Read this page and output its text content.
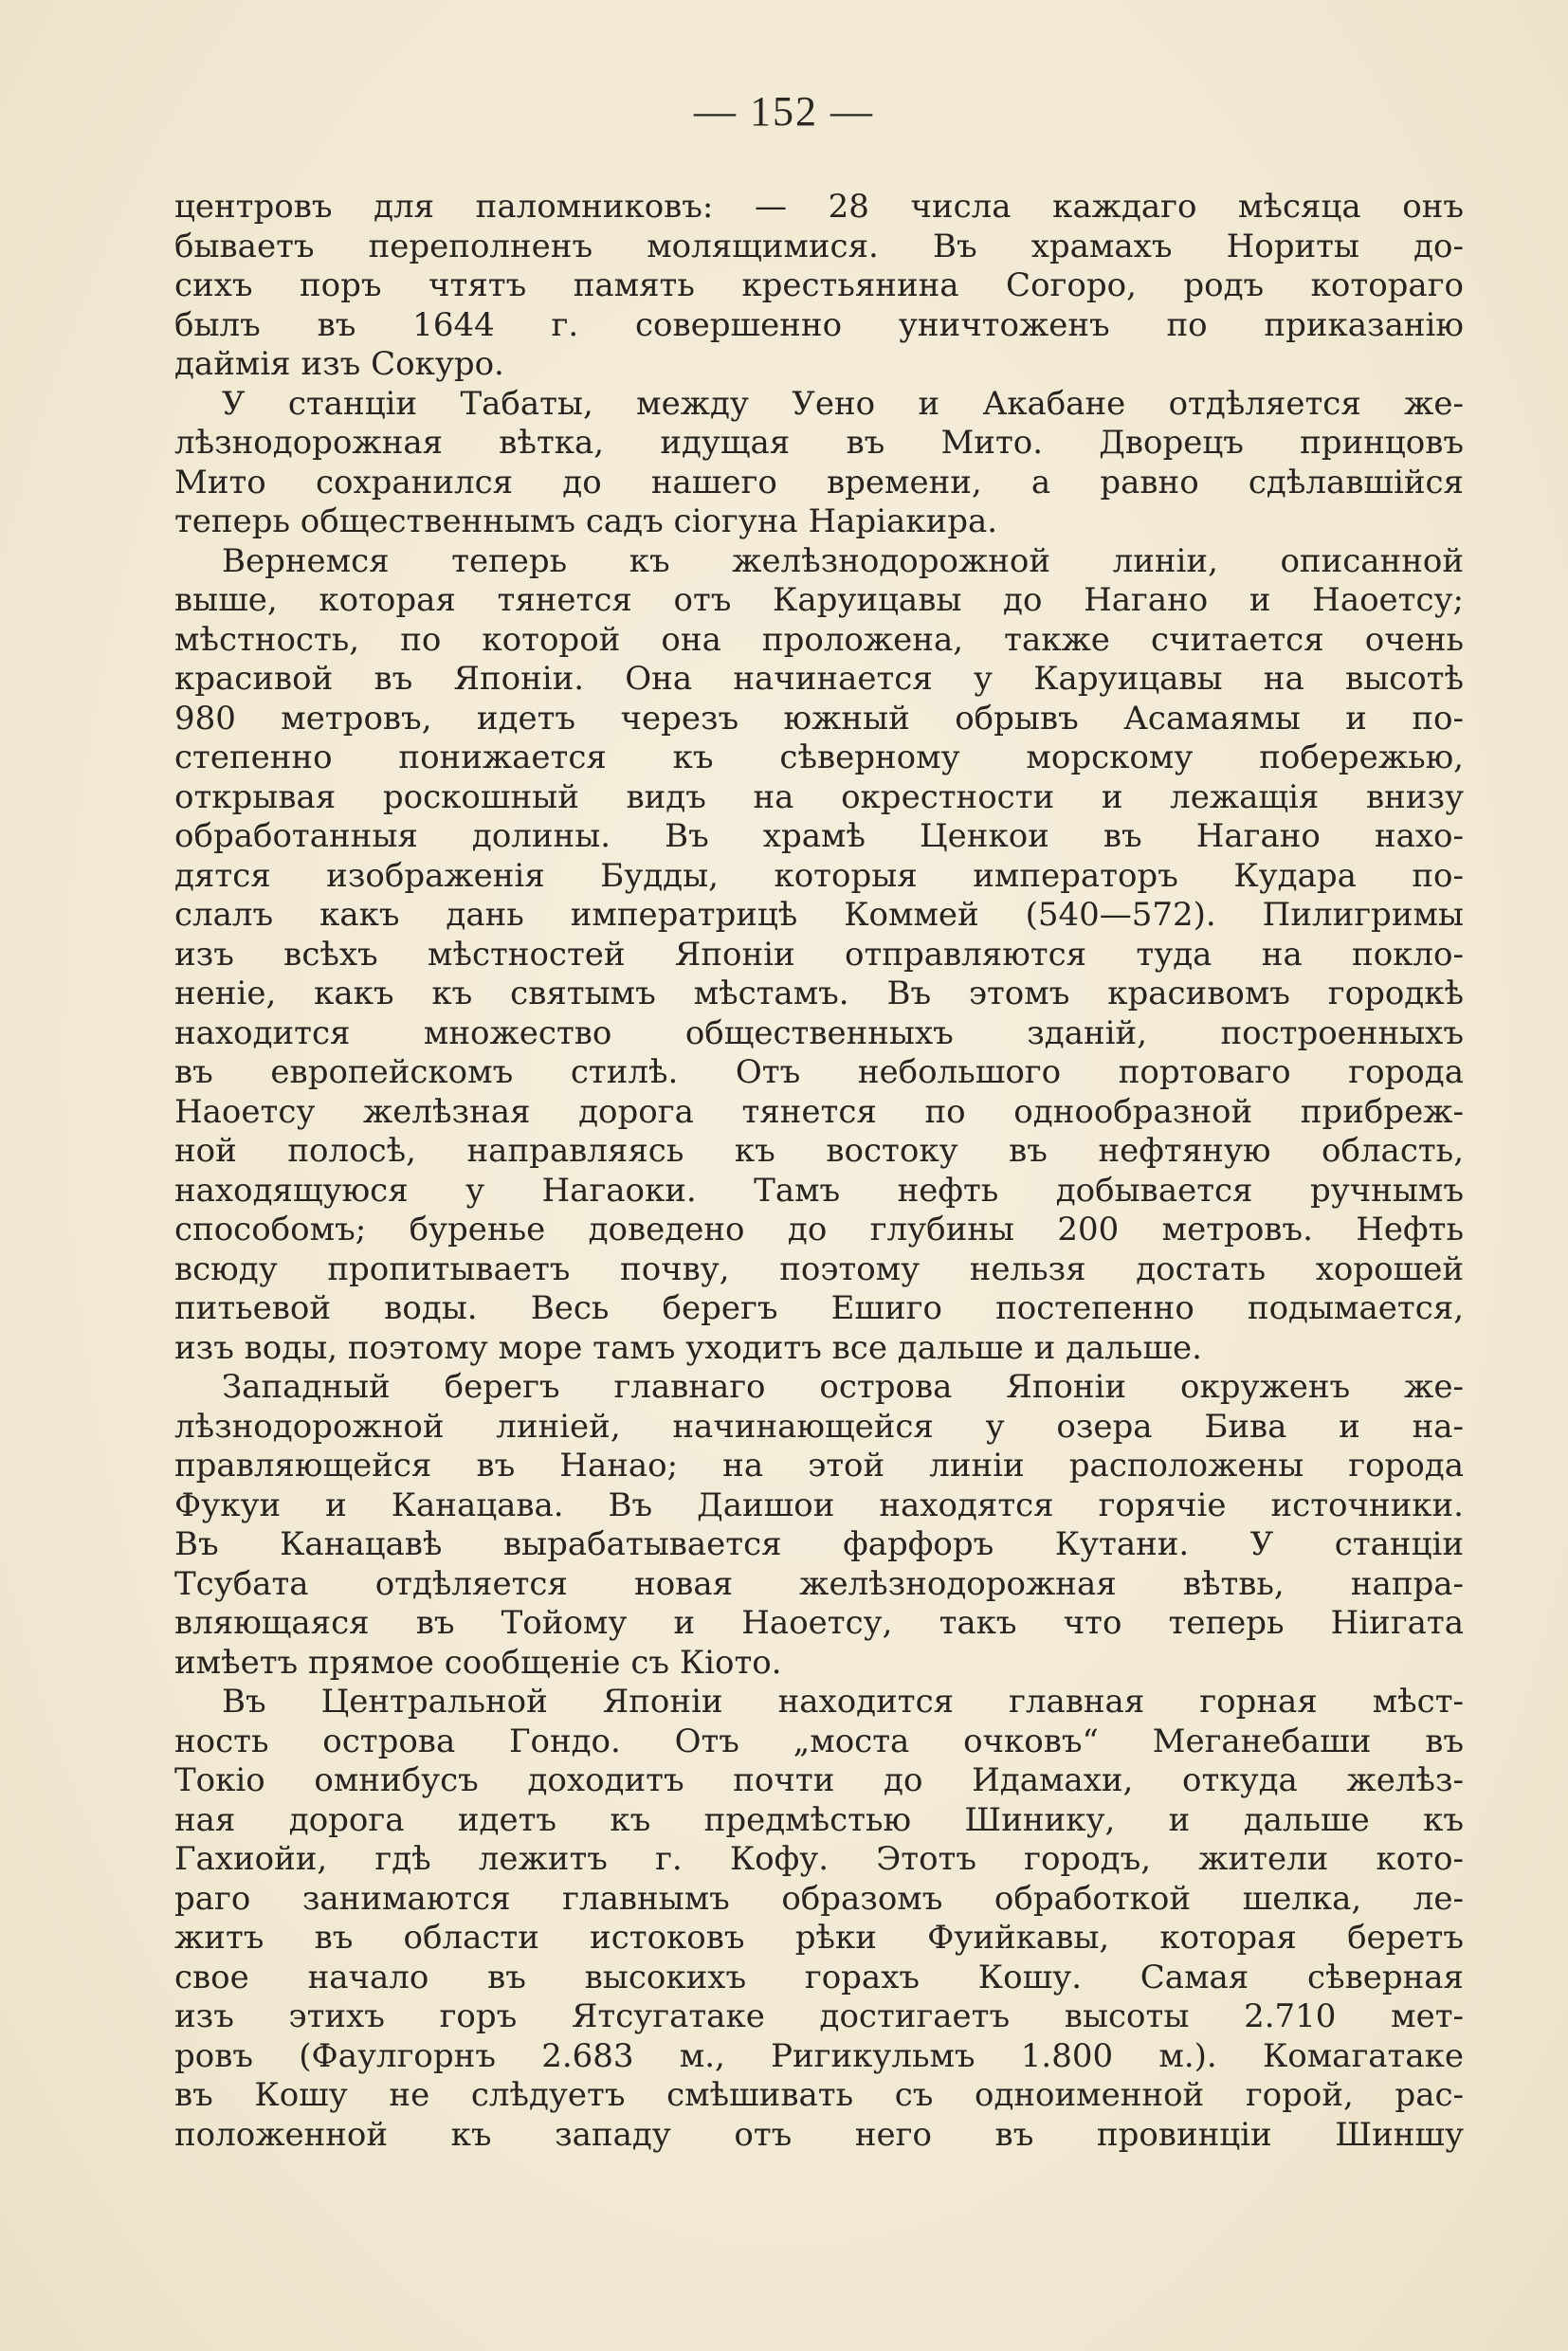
— 152 —
центровъ для паломниковъ: — 28 числа каждаго мѣсяца онъ
бываетъ переполненъ молящимися. Въ храмахъ Нориты до-
сихъ поръ чтятъ память крестьянина Согоро, родъ котораго
былъ въ 1644 г. совершенно уничтоженъ по приказанію
даймія изъ Сокуро.
У станціи Табаты, между Уено и Акабане отдѣляется же-
лѣзнодорожная вѣтка, идущая въ Мито. Дворецъ принцовъ
Мито сохранился до нашего времени, а равно сдѣлавшійся
теперь общественнымъ садъ сіогуна Наріакира.
Вернемся теперь къ желѣзнодорожной линіи, описанной
выше, которая тянется отъ Каруицавы до Нагано и Наоетсу;
мѣстность, по которой она проложена, также считается очень
красивой въ Японіи. Она начинается у Каруицавы на высотѣ
980 метровъ, идетъ черезъ южный обрывъ Асамаямы и по-
степенно понижается къ сѣверному морскому побережью,
открывая роскошный видъ на окрестности и лежащія внизу
обработанныя долины. Въ храмѣ Ценкои въ Нагано нахо-
дятся изображенія Будды, которыя императоръ Кудара по-
слалъ какъ дань императрицѣ Коммей (540—572). Пилигримы
изъ всѣхъ мѣстностей Японіи отправляются туда на покло-
неніе, какъ къ святымъ мѣстамъ. Въ этомъ красивомъ городкѣ
находится множество общественныхъ зданій, построенныхъ
въ европейскомъ стилѣ. Отъ небольшого портоваго города
Наоетсу желѣзная дорога тянется по однообразной прибреж-
ной полосѣ, направляясь къ востоку въ нефтяную область,
находящуюся у Нагаоки. Тамъ нефть добывается ручнымъ
способомъ; буренье доведено до глубины 200 метровъ. Нефть
всюду пропитываетъ почву, поэтому нельзя достать хорошей
питьевой воды. Весь берегъ Ешиго постепенно подымается,
изъ воды, поэтому море тамъ уходитъ все дальше и дальше.
Западный берегъ главнаго острова Японіи окруженъ же-
лѣзнодорожной линіей, начинающейся у озера Бива и на-
правляющейся въ Нанао; на этой линіи расположены города
Фукуи и Канацава. Въ Даишои находятся горячіе источники.
Въ Канацавѣ вырабатывается фарфоръ Кутани. У станціи
Тсубата отдѣляется новая желѣзнодорожная вѣтвь, напра-
вляющаяся въ Тойому и Наоетсу, такъ что теперь Ніигата
имѣетъ прямое сообщеніе съ Кіото.
Въ Центральной Японіи находится главная горная мѣст-
ность острова Гондо. Отъ „моста очковъ“ Меганебаши въ
Токіо омнибусъ доходитъ почти до Идамахи, откуда желѣз-
ная дорога идетъ къ предмѣстью Шинику, и дальше къ
Гахиойи, гдѣ лежитъ г. Кофу. Этотъ городъ, жители кото-
раго занимаются главнымъ образомъ обработкой шелка, ле-
житъ въ области истоковъ рѣки Фуийкавы, которая беретъ
свое начало въ высокихъ горахъ Кошу. Самая сѣверная
изъ этихъ горъ Ятсугатаке достигаетъ высоты 2.710 мет-
ровъ (Фаулгорнъ 2.683 м., Ригикульмъ 1.800 м.). Комагатаке
въ Кошу не слѣдуетъ смѣшивать съ одноименной горой, рас-
положенной къ западу отъ него въ провинціи Шиншу
